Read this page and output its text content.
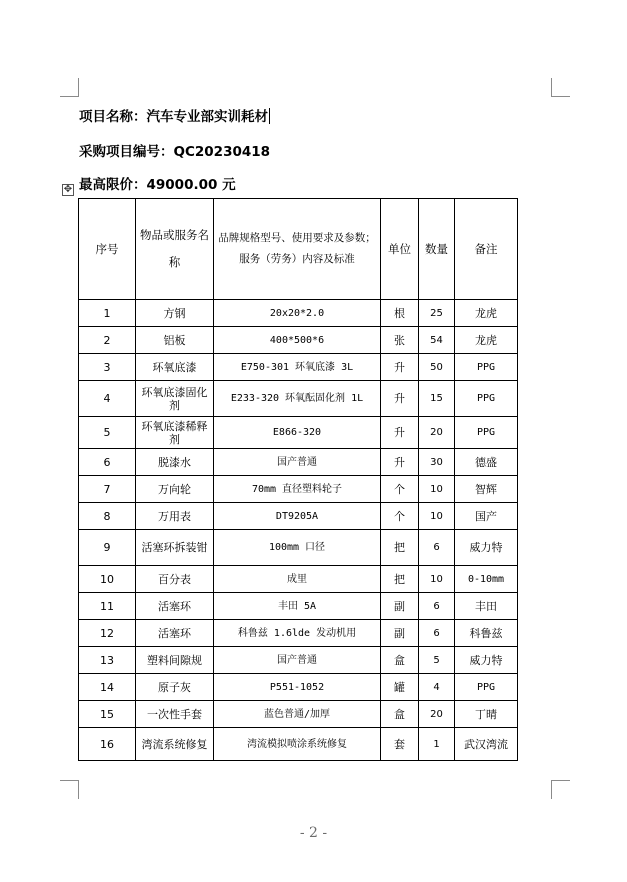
项目名称：汽车专业部实训耗材
采购项目编号：QC20230418
最高限价：49000.00 元
✥
序号	物品或服务名称	品牌规格型号、使用要求及参数；服务（劳务）内容及标准	单位	数量	备注
1	方钢	20x20*2.0	根	25	龙虎
2	铝板	400*500*6	张	54	龙虎
3	环氧底漆	E750-301 环氧底漆 3L	升	50	PPG
4	环氧底漆固化剂	E233-320 环氧酝固化剂 1L	升	15	PPG
5	环氧底漆稀释剂	E866-320	升	20	PPG
6	脱漆水	国产普通	升	30	德盛
7	万向轮	70mm 直径塑料轮子	个	10	智辉
8	万用表	DT9205A	个	10	国产
9	活塞环拆装钳	100mm 口径	把	6	威力特
10	百分表	成里	把	10	0-10mm
11	活塞环	丰田 5A	副	6	丰田
12	活塞环	科鲁兹 1.6lde 发动机用	副	6	科鲁兹
13	塑料间隙规	国产普通	盒	5	威力特
14	原子灰	P551-1052	罐	4	PPG
15	一次性手套	蓝色普通/加厚	盒	20	丁晴
16	湾流系统修复	湾流模拟喷涂系统修复	套	1	武汉湾流
- 2 -
